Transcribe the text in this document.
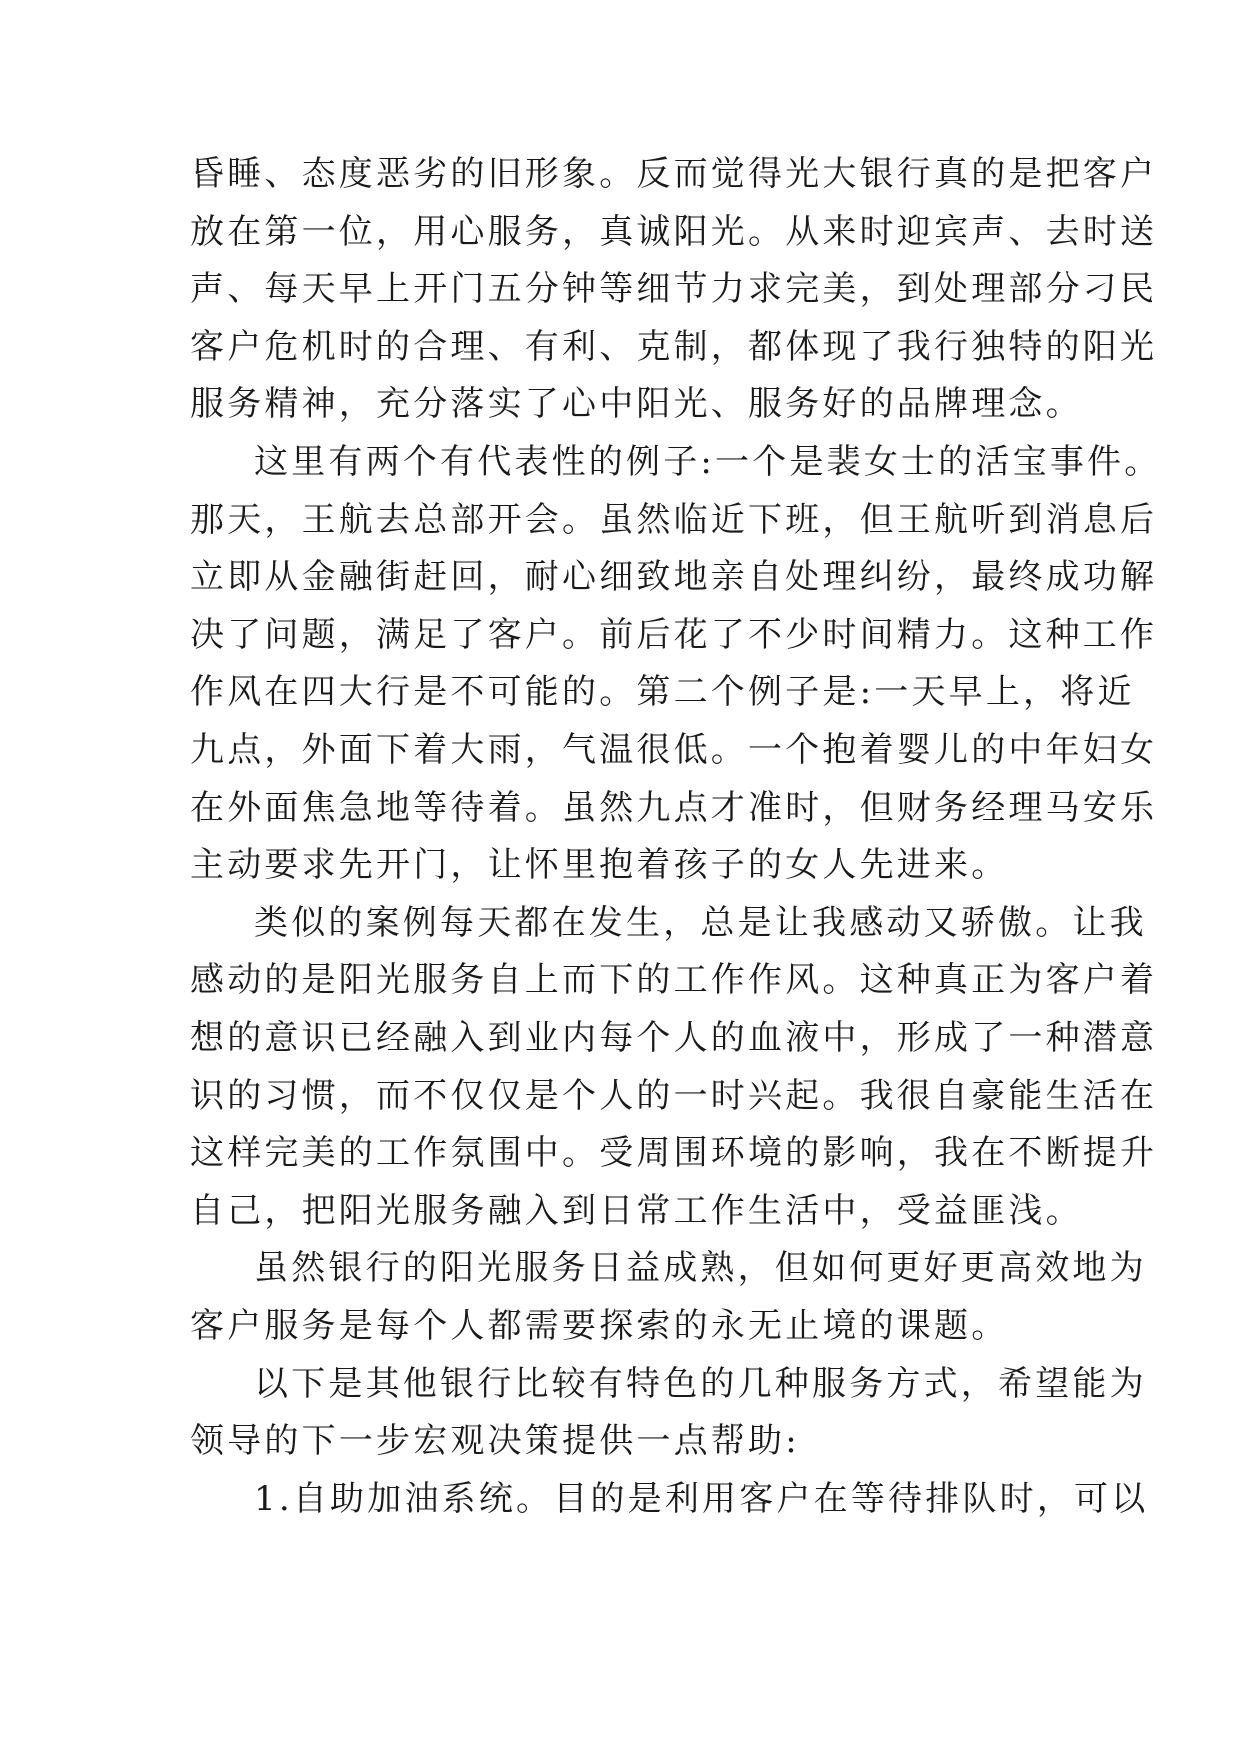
昏睡、态度恶劣的旧形象。反而觉得光大银行真的是把客户
放在第一位，用心服务，真诚阳光。从来时迎宾声、去时送
声、每天早上开门五分钟等细节力求完美，到处理部分刁民
客户危机时的合理、有利、克制，都体现了我行独特的阳光
服务精神，充分落实了心中阳光、服务好的品牌理念。
这里有两个有代表性的例子:一个是裴女士的活宝事件。
那天，王航去总部开会。虽然临近下班，但王航听到消息后
立即从金融街赶回，耐心细致地亲自处理纠纷，最终成功解
决了问题，满足了客户。前后花了不少时间精力。这种工作
作风在四大行是不可能的。第二个例子是:一天早上，将近
九点，外面下着大雨，气温很低。一个抱着婴儿的中年妇女
在外面焦急地等待着。虽然九点才准时，但财务经理马安乐
主动要求先开门，让怀里抱着孩子的女人先进来。
类似的案例每天都在发生，总是让我感动又骄傲。让我
感动的是阳光服务自上而下的工作作风。这种真正为客户着
想的意识已经融入到业内每个人的血液中，形成了一种潜意
识的习惯，而不仅仅是个人的一时兴起。我很自豪能生活在
这样完美的工作氛围中。受周围环境的影响，我在不断提升
自己，把阳光服务融入到日常工作生活中，受益匪浅。
虽然银行的阳光服务日益成熟，但如何更好更高效地为
客户服务是每个人都需要探索的永无止境的课题。
以下是其他银行比较有特色的几种服务方式，希望能为
领导的下一步宏观决策提供一点帮助:
1.自助加油系统。目的是利用客户在等待排队时，可以
